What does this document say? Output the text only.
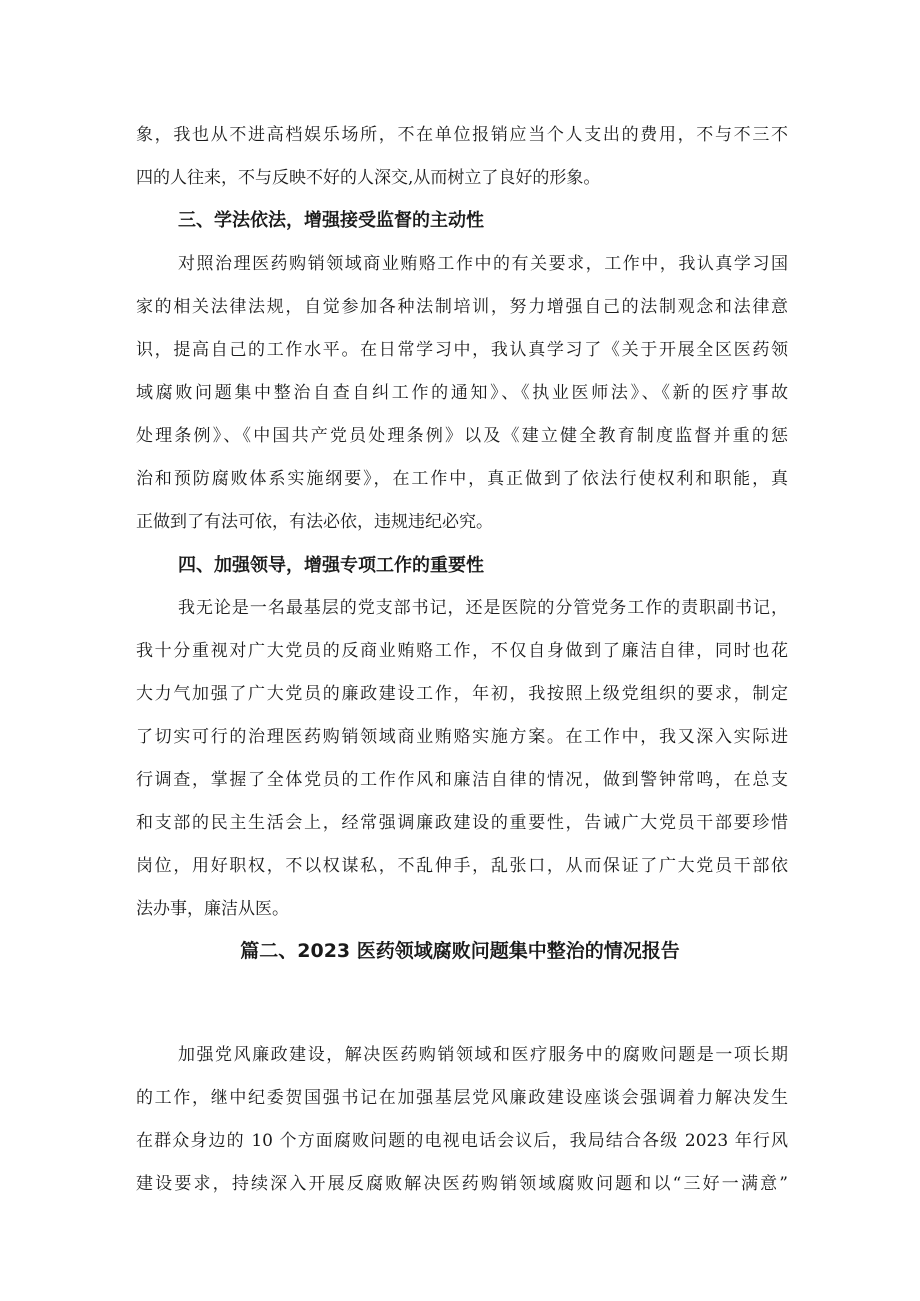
象，我也从不进高档娱乐场所，不在单位报销应当个人支出的费用，不与不三不
四的人往来，不与反映不好的人深交,从而树立了良好的形象。
三、学法依法，增强接受监督的主动性
对照治理医药购销领域商业贿赂工作中的有关要求，工作中，我认真学习国
家的相关法律法规，自觉参加各种法制培训，努力增强自己的法制观念和法律意
识，提高自己的工作水平。在日常学习中，我认真学习了《关于开展全区医药领
域腐败问题集中整治自查自纠工作的通知》、《执业医师法》、《新的医疗事故
处理条例》、《中国共产党员处理条例》以及《建立健全教育制度监督并重的惩
治和预防腐败体系实施纲要》，在工作中，真正做到了依法行使权利和职能，真
正做到了有法可依，有法必依，违规违纪必究。
四、加强领导，增强专项工作的重要性
我无论是一名最基层的党支部书记，还是医院的分管党务工作的责职副书记，
我十分重视对广大党员的反商业贿赂工作，不仅自身做到了廉洁自律，同时也花
大力气加强了广大党员的廉政建设工作，年初，我按照上级党组织的要求，制定
了切实可行的治理医药购销领域商业贿赂实施方案。在工作中，我又深入实际进
行调查，掌握了全体党员的工作作风和廉洁自律的情况，做到警钟常鸣，在总支
和支部的民主生活会上，经常强调廉政建设的重要性，告诫广大党员干部要珍惜
岗位，用好职权，不以权谋私，不乱伸手，乱张口，从而保证了广大党员干部依
法办事，廉洁从医。
篇二、2023 医药领域腐败问题集中整治的情况报告
加强党风廉政建设，解决医药购销领域和医疗服务中的腐败问题是一项长期
的工作，继中纪委贺国强书记在加强基层党风廉政建设座谈会强调着力解决发生
在群众身边的 10 个方面腐败问题的电视电话会议后，我局结合各级 2023 年行风
建设要求，持续深入开展反腐败解决医药购销领域腐败问题和以“三好一满意”
